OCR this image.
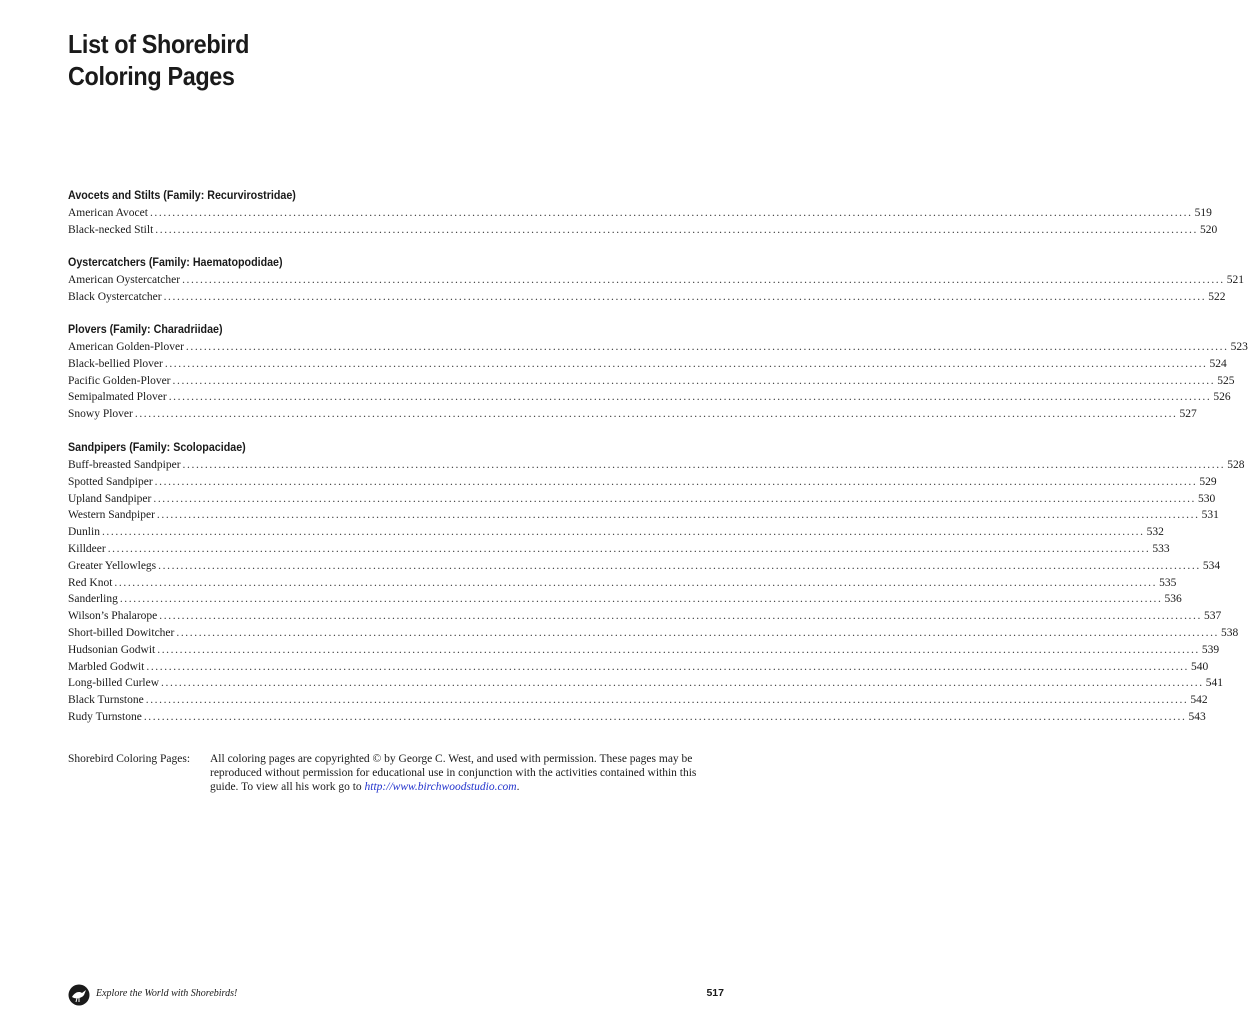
List of Shorebird
Coloring Pages
Avocets and Stilts (Family: Recurvirostridae)
American Avocet ......................................................................................................................................................................................................................................... 519
Black-necked Stilt ......................................................................................................................................................................................................................................... 520
Oystercatchers (Family: Haematopodidae)
American Oystercatcher ......................................................................................................................................................................................................................................... 521
Black Oystercatcher ......................................................................................................................................................................................................................................... 522
Plovers (Family: Charadriidae)
American Golden-Plover ......................................................................................................................................................................................................................................... 523
Black-bellied Plover ......................................................................................................................................................................................................................................... 524
Pacific Golden-Plover ......................................................................................................................................................................................................................................... 525
Semipalmated Plover ......................................................................................................................................................................................................................................... 526
Snowy Plover ......................................................................................................................................................................................................................................... 527
Sandpipers (Family: Scolopacidae)
Buff-breasted Sandpiper ......................................................................................................................................................................................................................................... 528
Spotted Sandpiper ......................................................................................................................................................................................................................................... 529
Upland Sandpiper ......................................................................................................................................................................................................................................... 530
Western Sandpiper ......................................................................................................................................................................................................................................... 531
Dunlin ......................................................................................................................................................................................................................................... 532
Killdeer ......................................................................................................................................................................................................................................... 533
Greater Yellowlegs ......................................................................................................................................................................................................................................... 534
Red Knot ......................................................................................................................................................................................................................................... 535
Sanderling ......................................................................................................................................................................................................................................... 536
Wilson’s Phalarope ......................................................................................................................................................................................................................................... 537
Short-billed Dowitcher ......................................................................................................................................................................................................................................... 538
Hudsonian Godwit ......................................................................................................................................................................................................................................... 539
Marbled Godwit ......................................................................................................................................................................................................................................... 540
Long-billed Curlew ......................................................................................................................................................................................................................................... 541
Black Turnstone ......................................................................................................................................................................................................................................... 542
Rudy Turnstone ......................................................................................................................................................................................................................................... 543
Shorebird Coloring Pages: All coloring pages are copyrighted © by George C. West, and used with permission. These pages may be reproduced without permission for educational use in conjunction with the activities contained within this guide. To view all his work go to http://www.birchwoodstudio.com.
Explore the World with Shorebirds!	517
